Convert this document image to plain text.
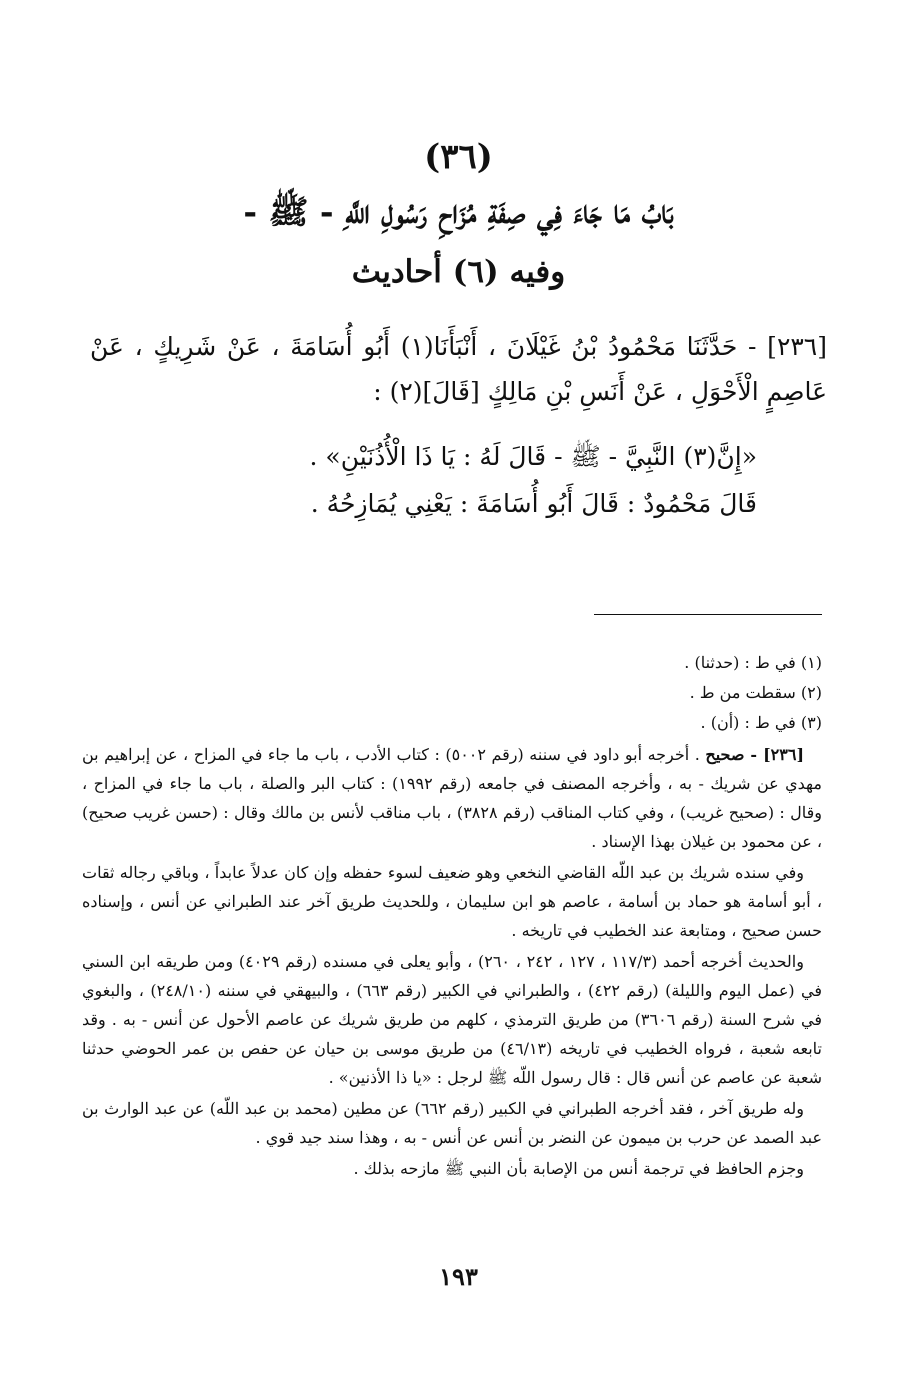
(٣٦)
بَابُ مَا جَاءَ فِي صِفَةِ مُزَاحِ رَسُولِ اللَّهِ - ﷺ -
وفيه (٦) أحاديث

[٢٣٦] - حَدَّثَنَا مَحْمُودُ بْنُ غَيْلَانَ ، أَنْبَأَنَا(١) أَبُو أُسَامَةَ ، عَنْ شَرِيكٍ ، عَنْ عَاصِمٍ الْأَحْوَلِ ، عَنْ أَنَسِ بْنِ مَالِكٍ [قَالَ](٢) :

«إِنَّ(٣) النَّبِيَّ - ﷺ - قَالَ لَهُ : يَا ذَا الْأُذُنَيْنِ» .

قَالَ مَحْمُودٌ : قَالَ أَبُو أُسَامَةَ : يَعْنِي يُمَازِحُهُ .

(١) في ط : (حدثنا) .
(٢) سقطت من ط .
(٣) في ط : (أن) .

[٢٣٦] - صحيح . أخرجه أبو داود في سننه (رقم ٥٠٠٢) : كتاب الأدب ، باب ما جاء في المزاح ، عن إبراهيم بن مهدي عن شريك - به ، وأخرجه المصنف في جامعه (رقم ١٩٩٢) : كتاب البر والصلة ، باب ما جاء في المزاح ، وقال : (صحيح غريب) ، وفي كتاب المناقب (رقم ٣٨٢٨) ، باب مناقب لأنس بن مالك وقال : (حسن غريب صحيح) ، عن محمود بن غيلان بهذا الإسناد .

وفي سنده شريك بن عبد اللّه القاضي النخعي وهو ضعيف لسوء حفظه وإن كان عدلاً عابداً ، وباقي رجاله ثقات ، أبو أسامة هو حماد بن أسامة ، عاصم هو ابن سليمان ، وللحديث طريق آخر عند الطبراني عن أنس ، وإسناده حسن صحيح ، ومتابعة عند الخطيب في تاريخه .

والحديث أخرجه أحمد (١١٧/٣ ، ١٢٧ ، ٢٤٢ ، ٢٦٠) ، وأبو يعلى في مسنده (رقم ٤٠٢٩) ومن طريقه ابن السني في (عمل اليوم والليلة) (رقم ٤٢٢) ، والطبراني في الكبير (رقم ٦٦٣) ، والبيهقي في سننه (٢٤٨/١٠) ، والبغوي في شرح السنة (رقم ٣٦٠٦) من طريق الترمذي ، كلهم من طريق شريك عن عاصم الأحول عن أنس - به . وقد تابعه شعبة ، فرواه الخطيب في تاريخه (٤٦/١٣) من طريق موسى بن حيان عن حفص بن عمر الحوضي حدثنا شعبة عن عاصم عن أنس قال : قال رسول اللّه ﷺ لرجل : «يا ذا الأذنين» .

وله طريق آخر ، فقد أخرجه الطبراني في الكبير (رقم ٦٦٢) عن مطين (محمد بن عبد اللّه) عن عبد الوارث بن عبد الصمد عن حرب بن ميمون عن النضر بن أنس عن أنس - به ، وهذا سند جيد قوي .

وجزم الحافظ في ترجمة أنس من الإصابة بأن النبي ﷺ مازحه بذلك .

١٩٣
